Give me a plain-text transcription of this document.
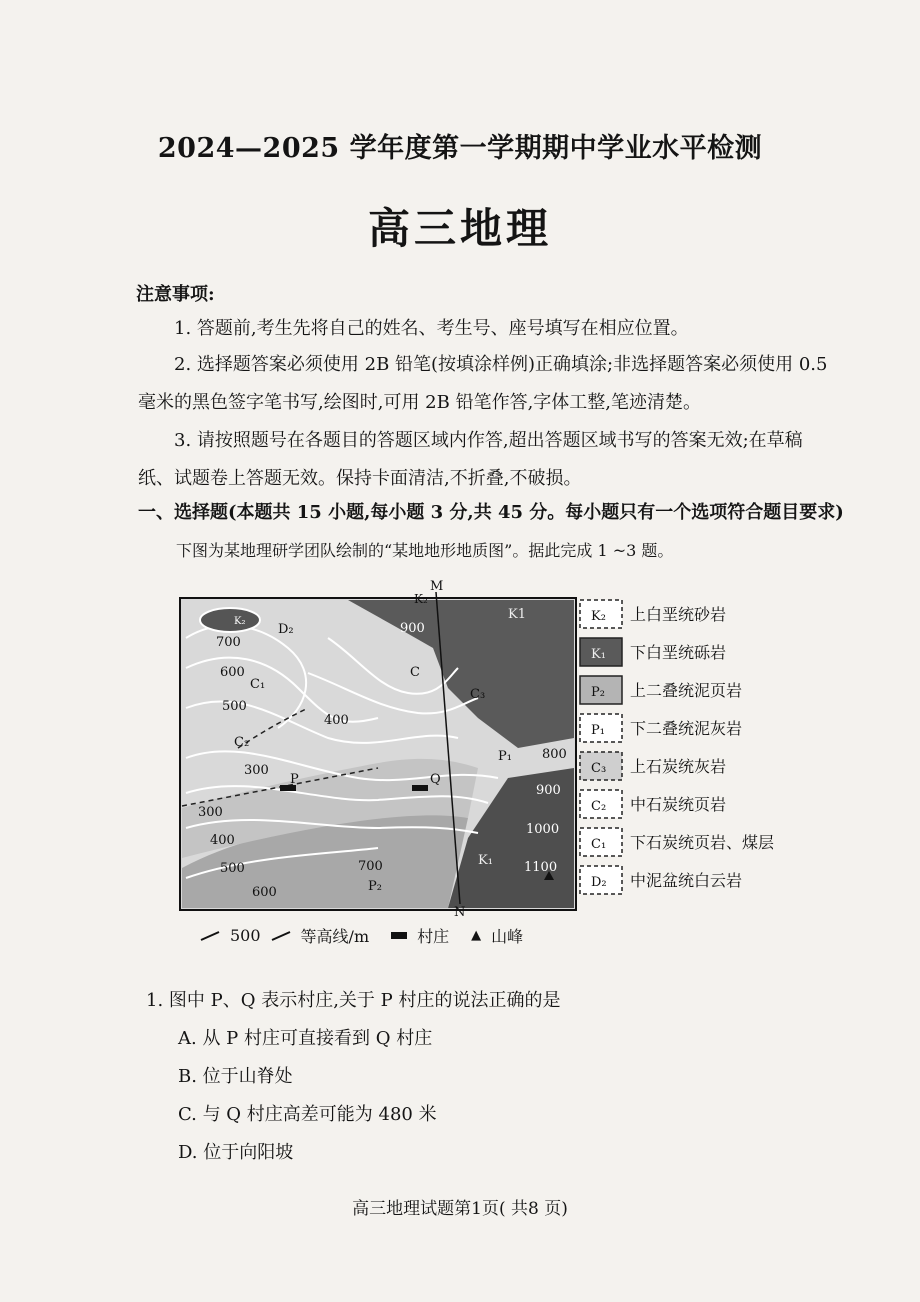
2024—2025 学年度第一学期期中学业水平检测
高三地理
注意事项:
1. 答题前,考生先将自己的姓名、考生号、座号填写在相应位置。
2. 选择题答案必须使用 2B 铅笔(按填涂样例)正确填涂;非选择题答案必须使用 0.5 毫米的黑色签字笔书写,绘图时,可用 2B 铅笔作答,字体工整,笔迹清楚。
3. 请按照题号在各题目的答题区域内作答,超出答题区域书写的答案无效;在草稿纸、试题卷上答题无效。保持卡面清洁,不折叠,不破损。
一、选择题(本题共 15 小题,每小题 3 分,共 45 分。每小题只有一个选项符合题目要求)
下图为某地理研学团队绘制的“某地地形地质图”。据此完成 1 ~3 题。
M
N
P	Q
K₂
K1
K₁
D₂
C₁
C₂
C₃
C
P₁
P₂
K₂
700
600
500
400
300
300
400
500
600
700
800
900
1000
1100
900
K₂ 上白垩统砂岩
K₁ 下白垩统砾岩
P₂ 上二叠统泥页岩
P₁ 下二叠统泥灰岩
C₃ 上石炭统灰岩
C₂ 中石炭统页岩
C₁ 下石炭统页岩、煤层
D₂ 中泥盆统白云岩
500	等高线/m	村庄 ▲ 山峰
1. 图中 P、Q 表示村庄,关于 P 村庄的说法正确的是
A. 从 P 村庄可直接看到 Q 村庄
B. 位于山脊处
C. 与 Q 村庄高差可能为 480 米
D. 位于向阳坡
高三地理试题第1页( 共8 页)
